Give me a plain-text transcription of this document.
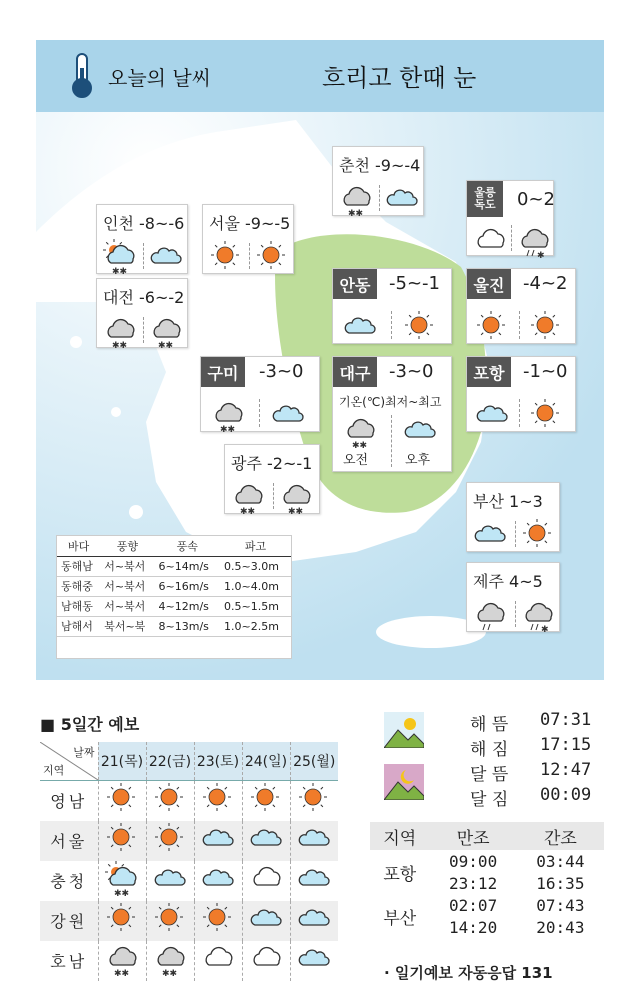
오늘의 날씨	흐리고 한때 눈
춘천 -9~-4
✱✱
인천 -8~-6
✱✱
서울 -9~-5
대전 -6~-2
✱✱	✱✱
울릉
독도 0~2
✱
안동	-5~-1	울진	-4~2
구미	-3~0
✱✱
대구	-3~0
기온(℃)최저~최고
✱✱
오전	오후
포항	-1~0
광주 -2~-1
✱✱	✱✱
부산 1~3
제주 4~5
✱
바다	풍향	풍속	파고
동해남	서~북서	6~14m/s	0.5~3.0m
동해중	서~북서	6~16m/s	1.0~4.0m
남해동	서~북서	4~12m/s	0.5~1.5m
남해서	북서~북	8~13m/s	1.0~2.5m
■ 5일간 예보
날짜
지역	21(목)	22(금)	23(토)	24(일)	25(월)
영남					
서울					
충청	✱✱

강원					
호남	✱✱	✱✱

해 뜸 07:31
해 짐 17:15
달 뜸 12:47
달 짐 00:09
지역	만조	간조
포항	09:00	03:44
	23:12	16:35
부산	02:07	07:43
	14:20	20:43
· 일기예보 자동응답 131
